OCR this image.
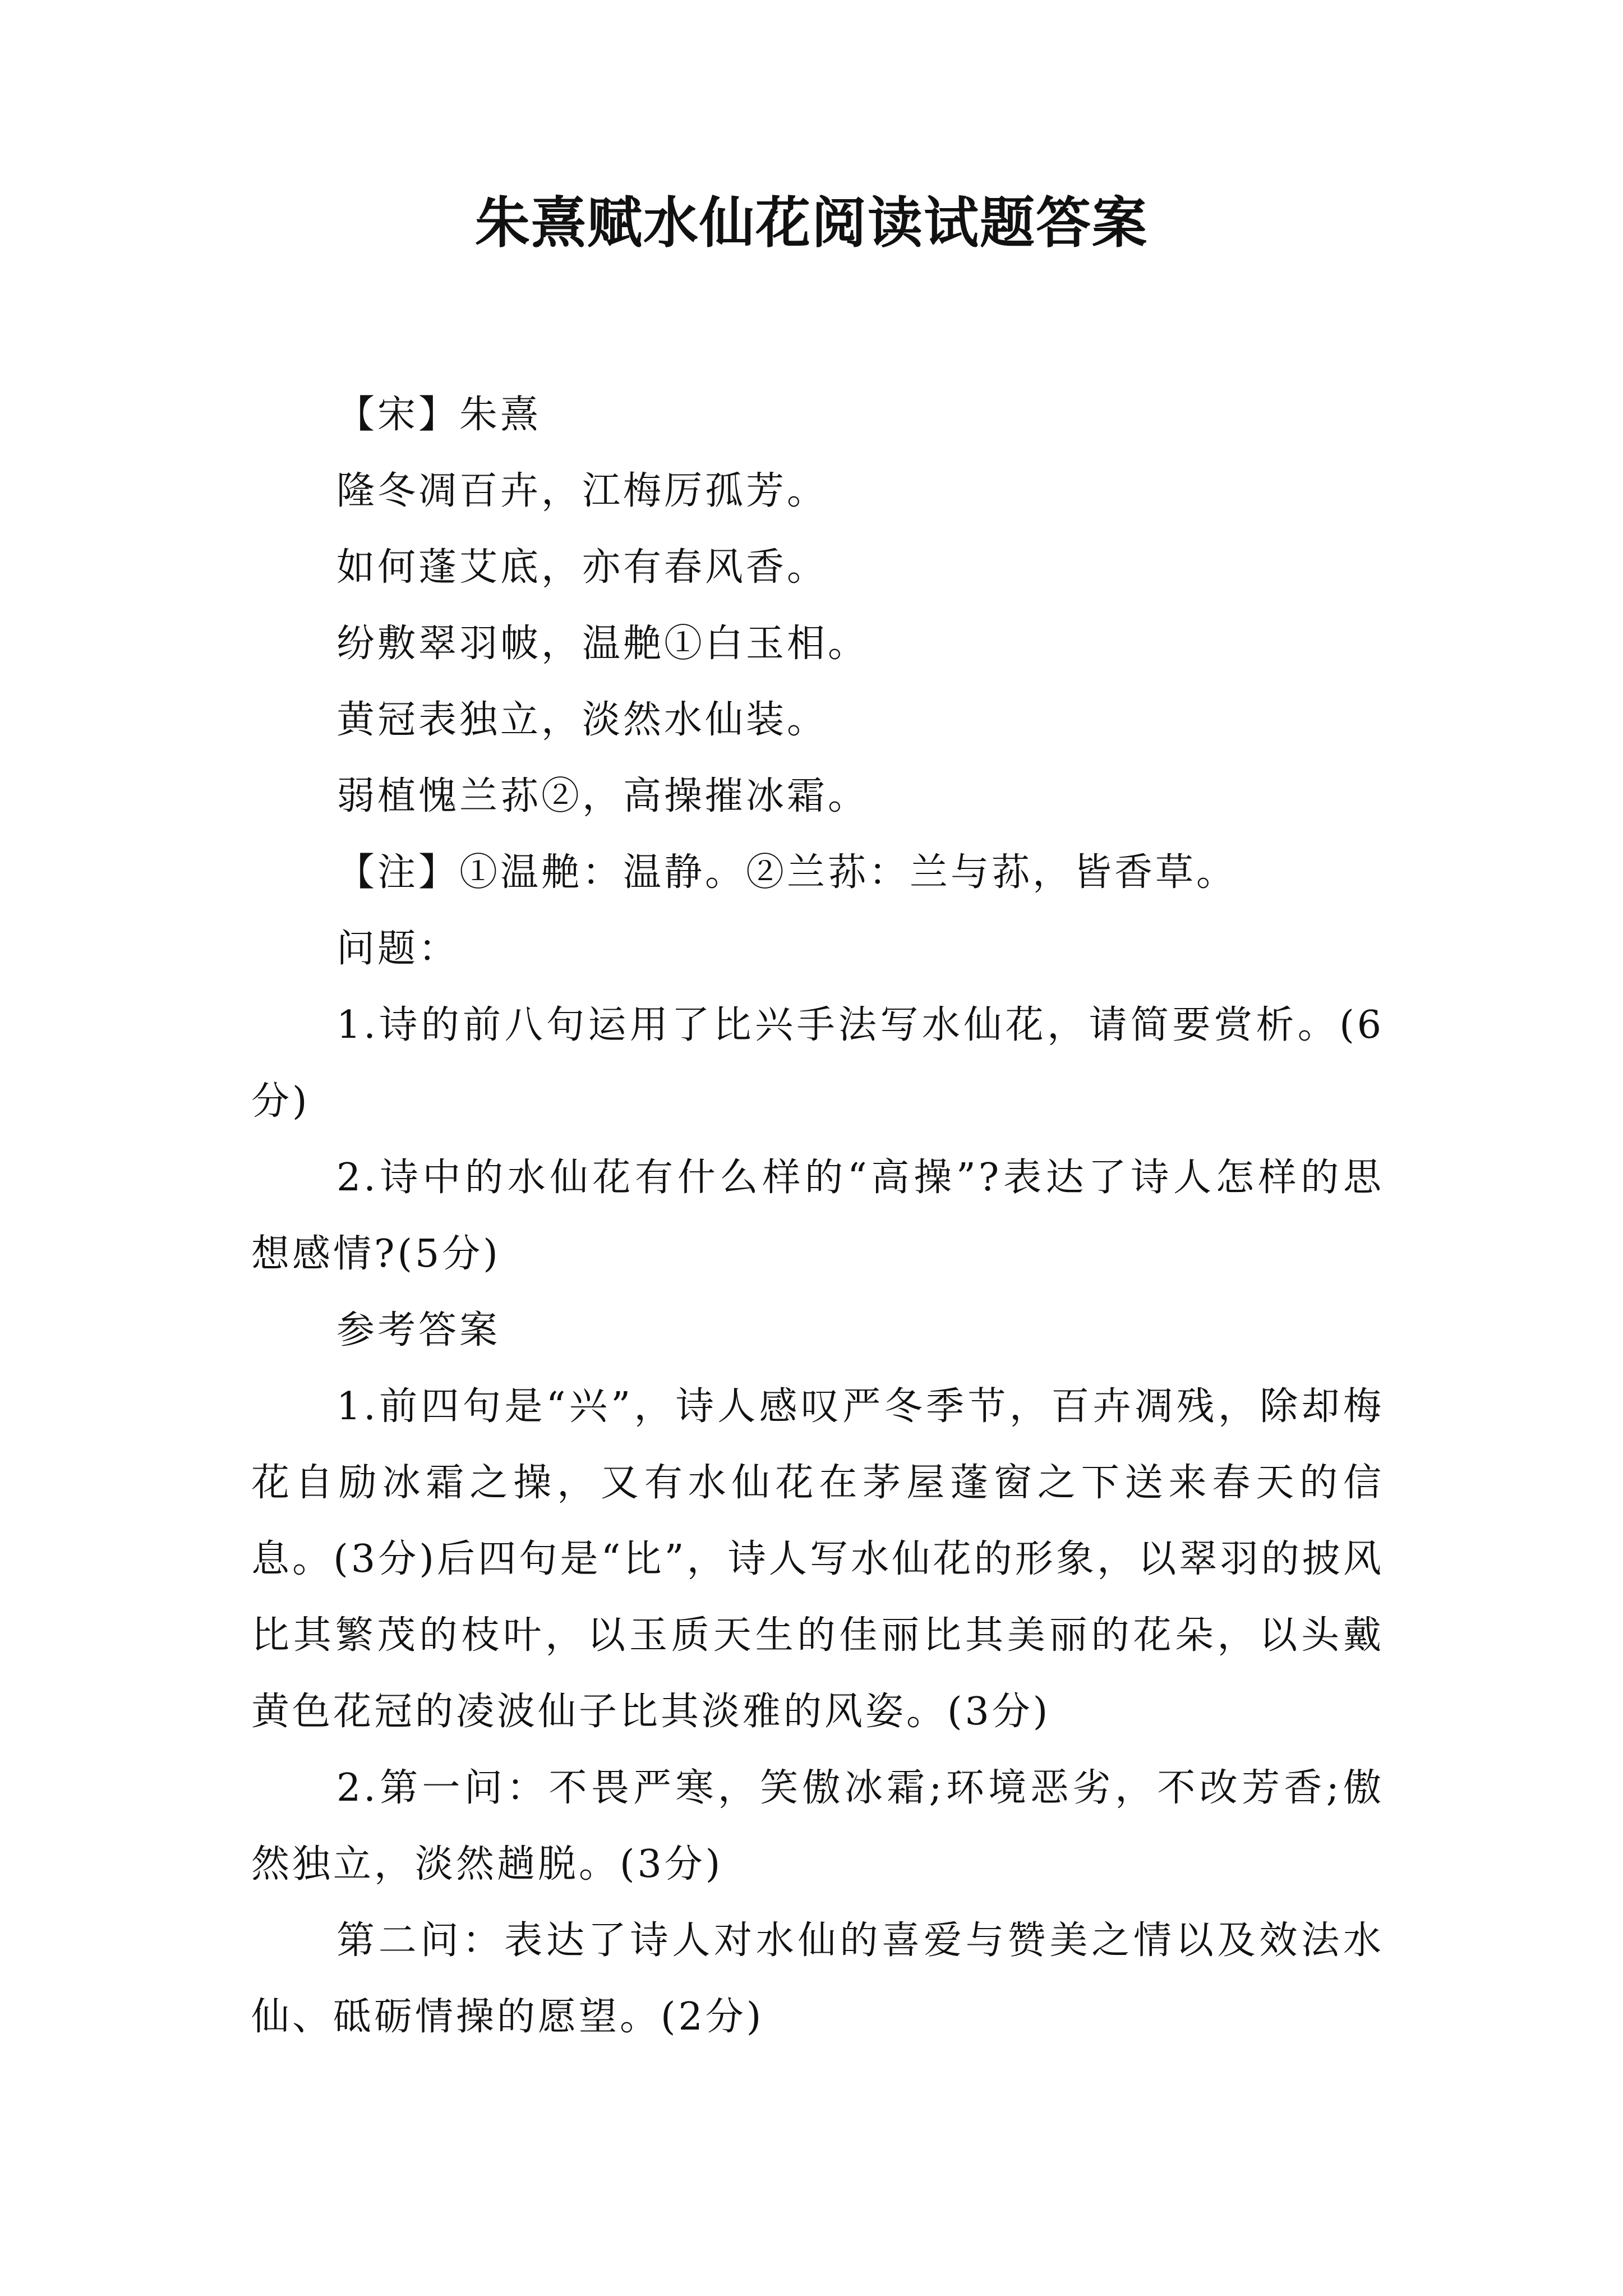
朱熹赋水仙花阅读试题答案

【宋】朱熹

隆冬凋百卉，江梅厉孤芳。

如何蓬艾底，亦有春风香。

纷敷翠羽帔，温艴①白玉相。

黄冠表独立，淡然水仙装。

弱植愧兰荪②，高操摧冰霜。

【注】①温艴：温静。②兰荪：兰与荪，皆香草。

问题：

1.诗的前八句运用了比兴手法写水仙花，请简要赏析。(6分)

2.诗中的水仙花有什么样的“高操”?表达了诗人怎样的思想感情?(5分)

参考答案

1.前四句是“兴”，诗人感叹严冬季节，百卉凋残，除却梅花自励冰霜之操，又有水仙花在茅屋蓬窗之下送来春天的信息。(3分)后四句是“比”，诗人写水仙花的形象，以翠羽的披风比其繁茂的枝叶，以玉质天生的佳丽比其美丽的花朵，以头戴黄色花冠的凌波仙子比其淡雅的风姿。(3分)

2.第一问：不畏严寒，笑傲冰霜;环境恶劣，不改芳香;傲然独立，淡然趟脱。(3分)

第二问：表达了诗人对水仙的喜爱与赞美之情以及效法水仙、砥砺情操的愿望。(2分)
